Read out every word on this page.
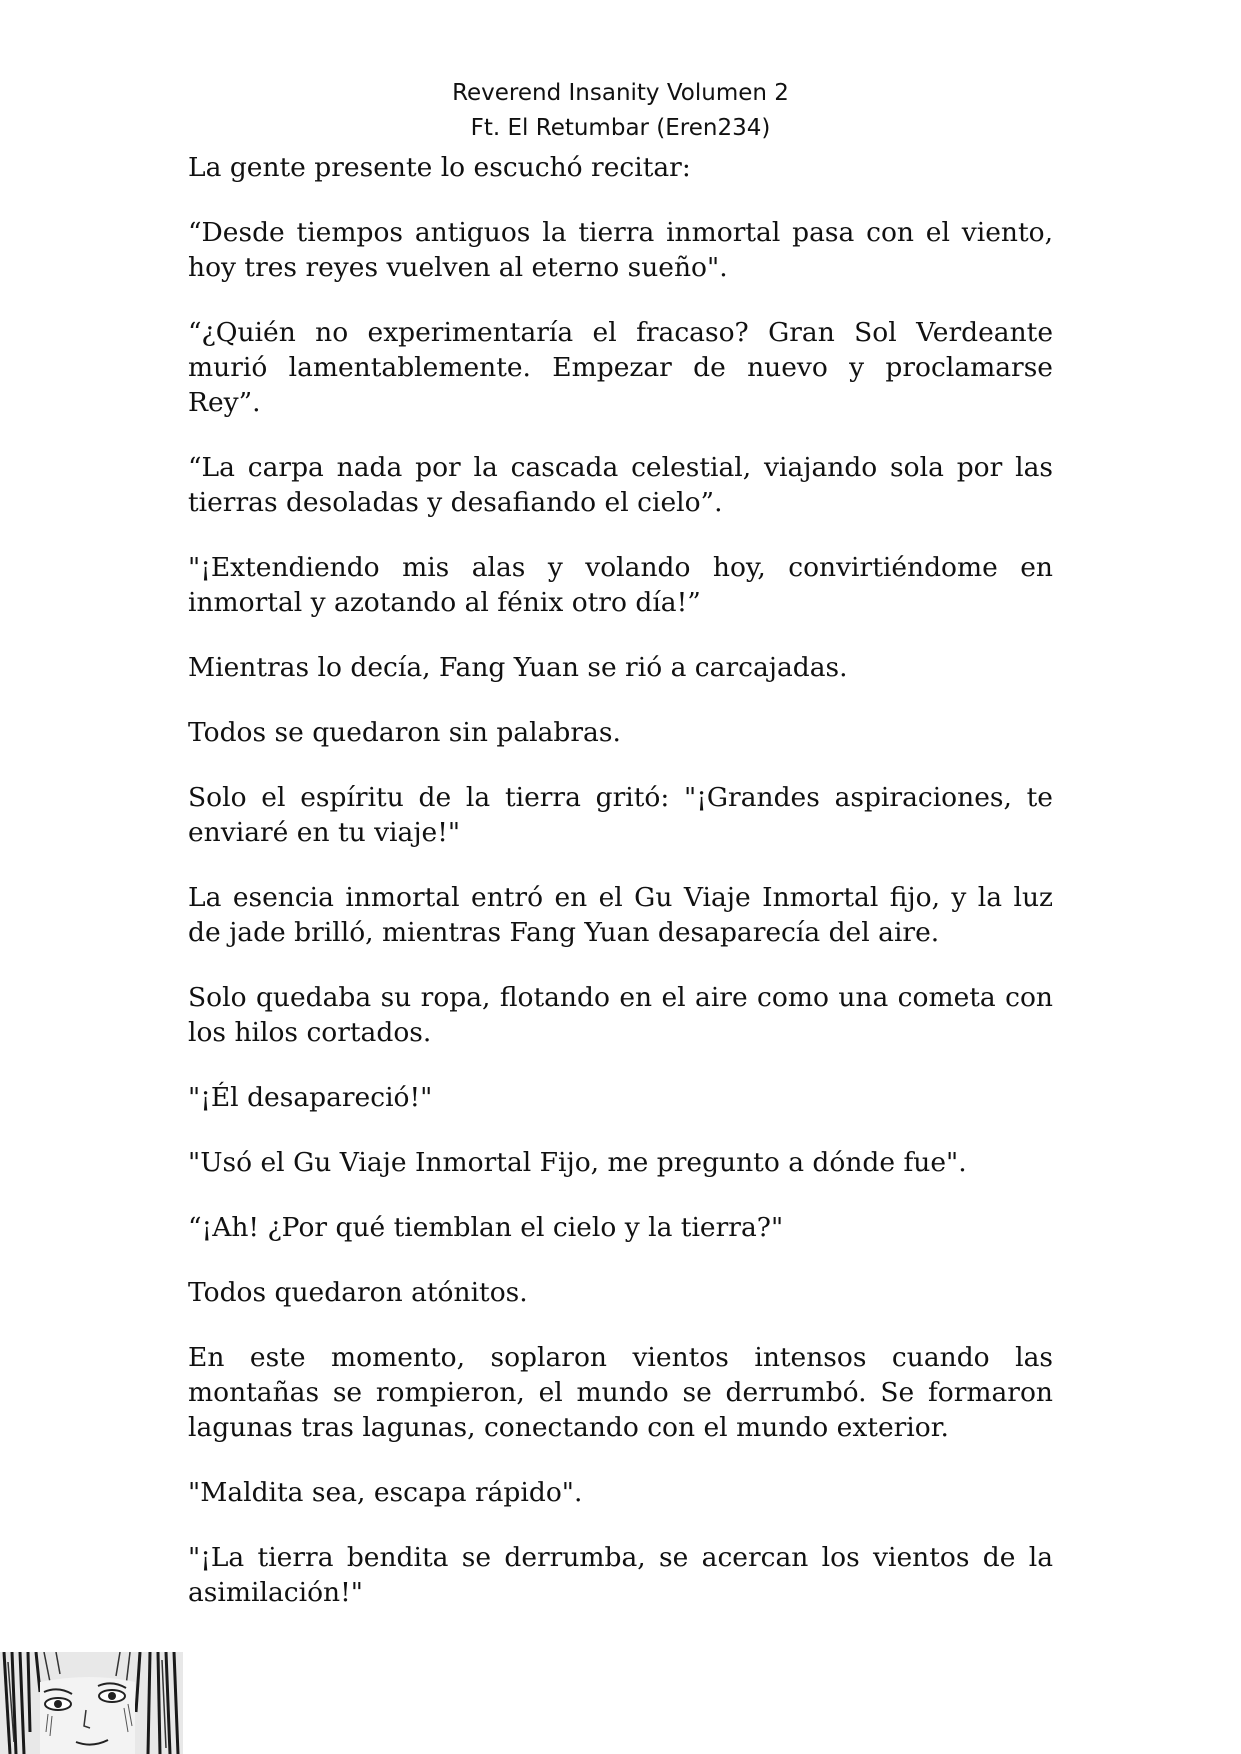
Reverend Insanity Volumen 2
Ft. El Retumbar (Eren234)

La gente presente lo escuchó recitar:

“Desde tiempos antiguos la tierra inmortal pasa con el viento, hoy tres reyes vuelven al eterno sueño".

“¿Quién no experimentaría el fracaso? Gran Sol Verdeante murió lamentablemente. Empezar de nuevo y proclamarse Rey”.

“La carpa nada por la cascada celestial, viajando sola por las tierras desoladas y desafiando el cielo”.

"¡Extendiendo mis alas y volando hoy, convirtiéndome en inmortal y azotando al fénix otro día!”

Mientras lo decía, Fang Yuan se rió a carcajadas.

Todos se quedaron sin palabras.

Solo el espíritu de la tierra gritó: "¡Grandes aspiraciones, te enviaré en tu viaje!"

La esencia inmortal entró en el Gu Viaje Inmortal fijo, y la luz de jade brilló, mientras Fang Yuan desaparecía del aire.

Solo quedaba su ropa, flotando en el aire como una cometa con los hilos cortados.

"¡Él desapareció!"

"Usó el Gu Viaje Inmortal Fijo, me pregunto a dónde fue".

“¡Ah! ¿Por qué tiemblan el cielo y la tierra?"

Todos quedaron atónitos.

En este momento, soplaron vientos intensos cuando las montañas se rompieron, el mundo se derrumbó. Se formaron lagunas tras lagunas, conectando con el mundo exterior.

"Maldita sea, escapa rápido".

"¡La tierra bendita se derrumba, se acercan los vientos de la asimilación!"
